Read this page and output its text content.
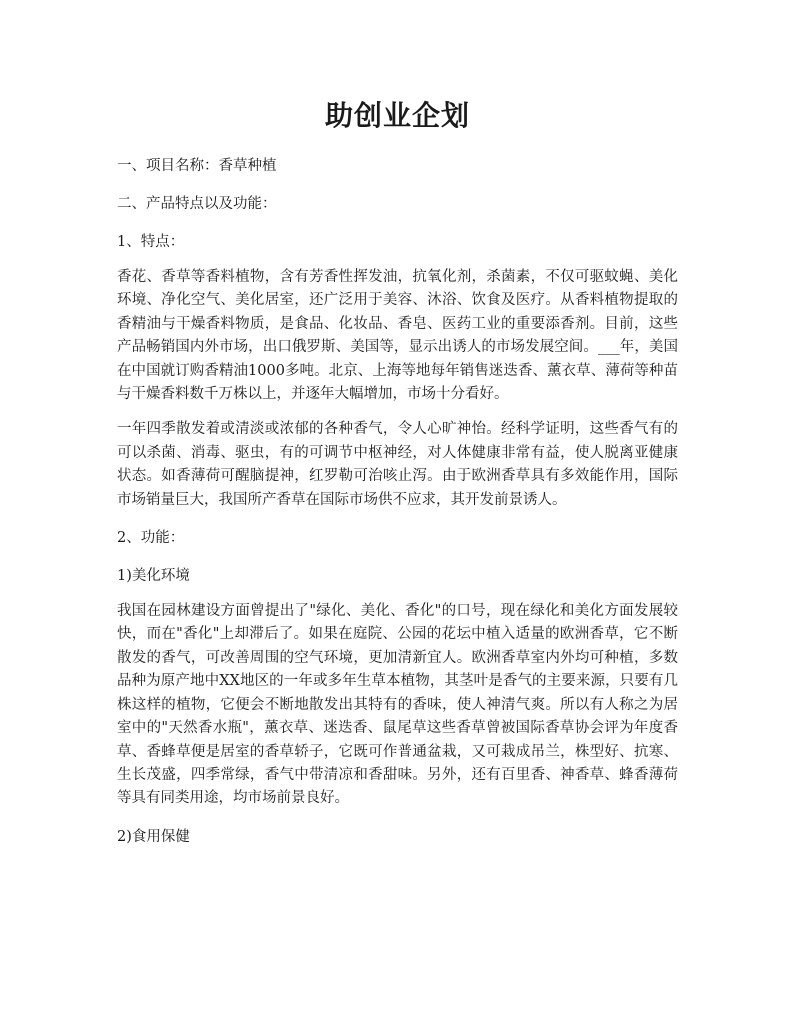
助创业企划

一、项目名称：香草种植

二、产品特点以及功能：

1、特点：

香花、香草等香料植物，含有芳香性挥发油，抗氧化剂，杀菌素，不仅可驱蚊蝇、美化环境、净化空气、美化居室，还广泛用于美容、沐浴、饮食及医疗。从香料植物提取的香精油与干燥香料物质，是食品、化妆品、香皂、医药工业的重要添香剂。目前，这些产品畅销国内外市场，出口俄罗斯、美国等，显示出诱人的市场发展空间。___年，美国在中国就订购香精油1000多吨。北京、上海等地每年销售迷迭香、薰衣草、薄荷等种苗与干燥香料数千万株以上，并逐年大幅增加，市场十分看好。

一年四季散发着或清淡或浓郁的各种香气，令人心旷神怡。经科学证明，这些香气有的可以杀菌、消毒、驱虫，有的可调节中枢神经，对人体健康非常有益，使人脱离亚健康状态。如香薄荷可醒脑提神，红罗勒可治咳止泻。由于欧洲香草具有多效能作用，国际市场销量巨大，我国所产香草在国际市场供不应求，其开发前景诱人。

2、功能：

1)美化环境

我国在园林建设方面曾提出了"绿化、美化、香化"的口号，现在绿化和美化方面发展较快，而在"香化"上却滞后了。如果在庭院、公园的花坛中植入适量的欧洲香草，它不断散发的香气，可改善周围的空气环境，更加清新宜人。欧洲香草室内外均可种植，多数品种为原产地中XX地区的一年或多年生草本植物，其茎叶是香气的主要来源，只要有几株这样的植物，它便会不断地散发出其特有的香味，使人神清气爽。所以有人称之为居室中的"天然香水瓶"，薰衣草、迷迭香、鼠尾草这些香草曾被国际香草协会评为年度香草、香蜂草便是居室的香草轿子，它既可作普通盆栽，又可栽成吊兰，株型好、抗寒、生长茂盛，四季常绿，香气中带清凉和香甜味。另外，还有百里香、神香草、蜂香薄荷等具有同类用途，均市场前景良好。

2)食用保健
